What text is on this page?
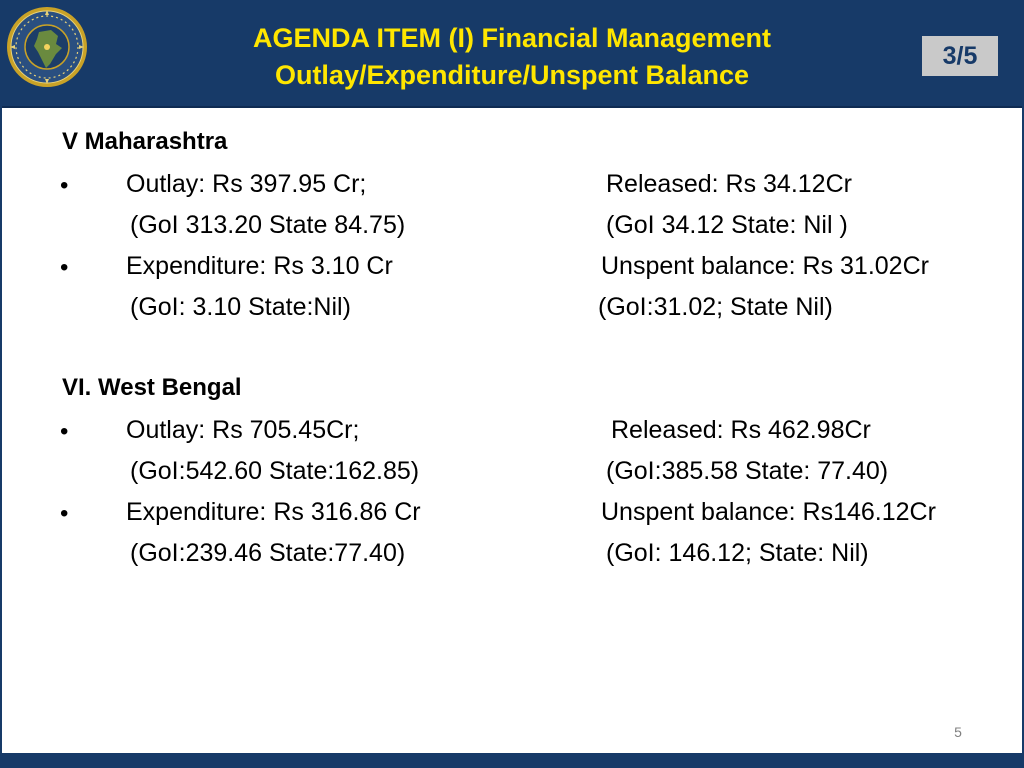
AGENDA ITEM (I) Financial Management
Outlay/Expenditure/Unspent Balance
3/5
V Maharashtra
• Outlay: Rs 397.95 Cr;	Released: Rs 34.12Cr
(GoI 313.20 State 84.75)	(GoI 34.12 State: Nil )
• Expenditure: Rs 3.10 Cr	Unspent balance: Rs 31.02Cr
(GoI: 3.10 State:Nil)	(GoI:31.02; State Nil)
VI. West Bengal
• Outlay: Rs 705.45Cr;	Released: Rs 462.98Cr
(GoI:542.60 State:162.85)	(GoI:385.58 State: 77.40)
• Expenditure: Rs 316.86 Cr	Unspent balance: Rs146.12Cr
(GoI:239.46 State:77.40)	(GoI: 146.12; State: Nil)
5
